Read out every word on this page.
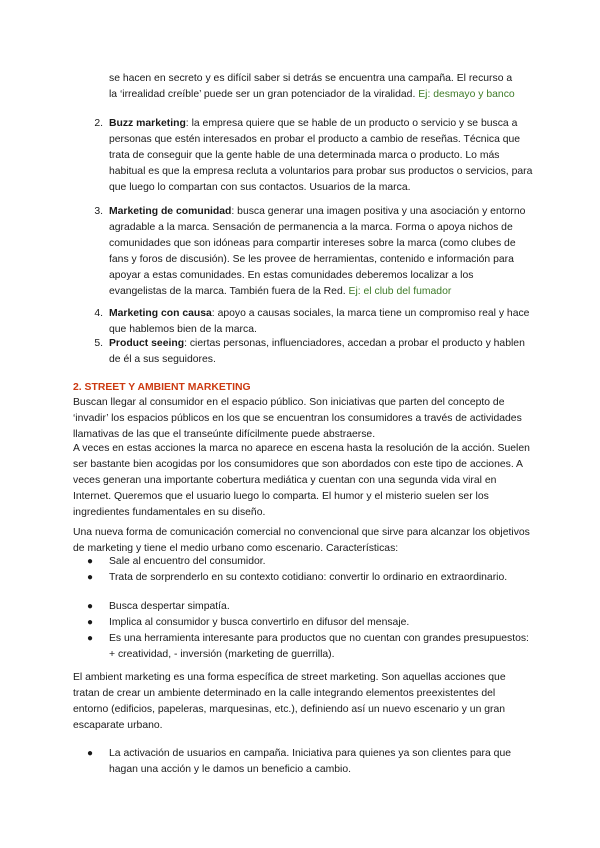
se hacen en secreto y es difícil saber si detrás se encuentra una campaña. El recurso a la ‘irrealidad creíble’ puede ser un gran potenciador de la viralidad. Ej: desmayo y banco

2. Buzz marketing: la empresa quiere que se hable de un producto o servicio y se busca a personas que estén interesados en probar el producto a cambio de reseñas. Técnica que trata de conseguir que la gente hable de una determinada marca o producto. Lo más habitual es que la empresa recluta a voluntarios para probar sus productos o servicios, para que luego lo compartan con sus contactos. Usuarios de la marca.
3. Marketing de comunidad: busca generar una imagen positiva y una asociación y entorno agradable a la marca. Sensación de permanencia a la marca. Forma o apoya nichos de comunidades que son idóneas para compartir intereses sobre la marca (como clubes de fans y foros de discusión). Se les provee de herramientas, contenido e información para apoyar a estas comunidades. En estas comunidades deberemos localizar a los evangelistas de la marca. También fuera de la Red. Ej: el club del fumador
4. Marketing con causa: apoyo a causas sociales, la marca tiene un compromiso real y hace que hablemos bien de la marca.
5. Product seeing: ciertas personas, influenciadores, accedan a probar el producto y hablen de él a sus seguidores.
2. STREET Y AMBIENT MARKETING

Buscan llegar al consumidor en el espacio público. Son iniciativas que parten del concepto de ‘invadir’ los espacios públicos en los que se encuentran los consumidores a través de actividades llamativas de las que el transeúnte difícilmente puede abstraerse.

A veces en estas acciones la marca no aparece en escena hasta la resolución de la acción. Suelen ser bastante bien acogidas por los consumidores que son abordados con este tipo de acciones. A veces generan una importante cobertura mediática y cuentan con una segunda vida viral en Internet. Queremos que el usuario luego lo comparta. El humor y el misterio suelen ser los ingredientes fundamentales en su diseño.

Una nueva forma de comunicación comercial no convencional que sirve para alcanzar los objetivos de marketing y tiene el medio urbano como escenario. Características:

● Sale al encuentro del consumidor.
● Trata de sorprenderlo en su contexto cotidiano: convertir lo ordinario en extraordinario.
● Busca despertar simpatía.
● Implica al consumidor y busca convertirlo en difusor del mensaje.
● Es una herramienta interesante para productos que no cuentan con grandes presupuestos: + creatividad, - inversión (marketing de guerrilla).

El ambient marketing es una forma específica de street marketing. Son aquellas acciones que tratan de crear un ambiente determinado en la calle integrando elementos preexistentes del entorno (edificios, papeleras, marquesinas, etc.), definiendo así un nuevo escenario y un gran escaparate urbano.

● La activación de usuarios en campaña. Iniciativa para quienes ya son clientes para que hagan una acción y le damos un beneficio a cambio.
